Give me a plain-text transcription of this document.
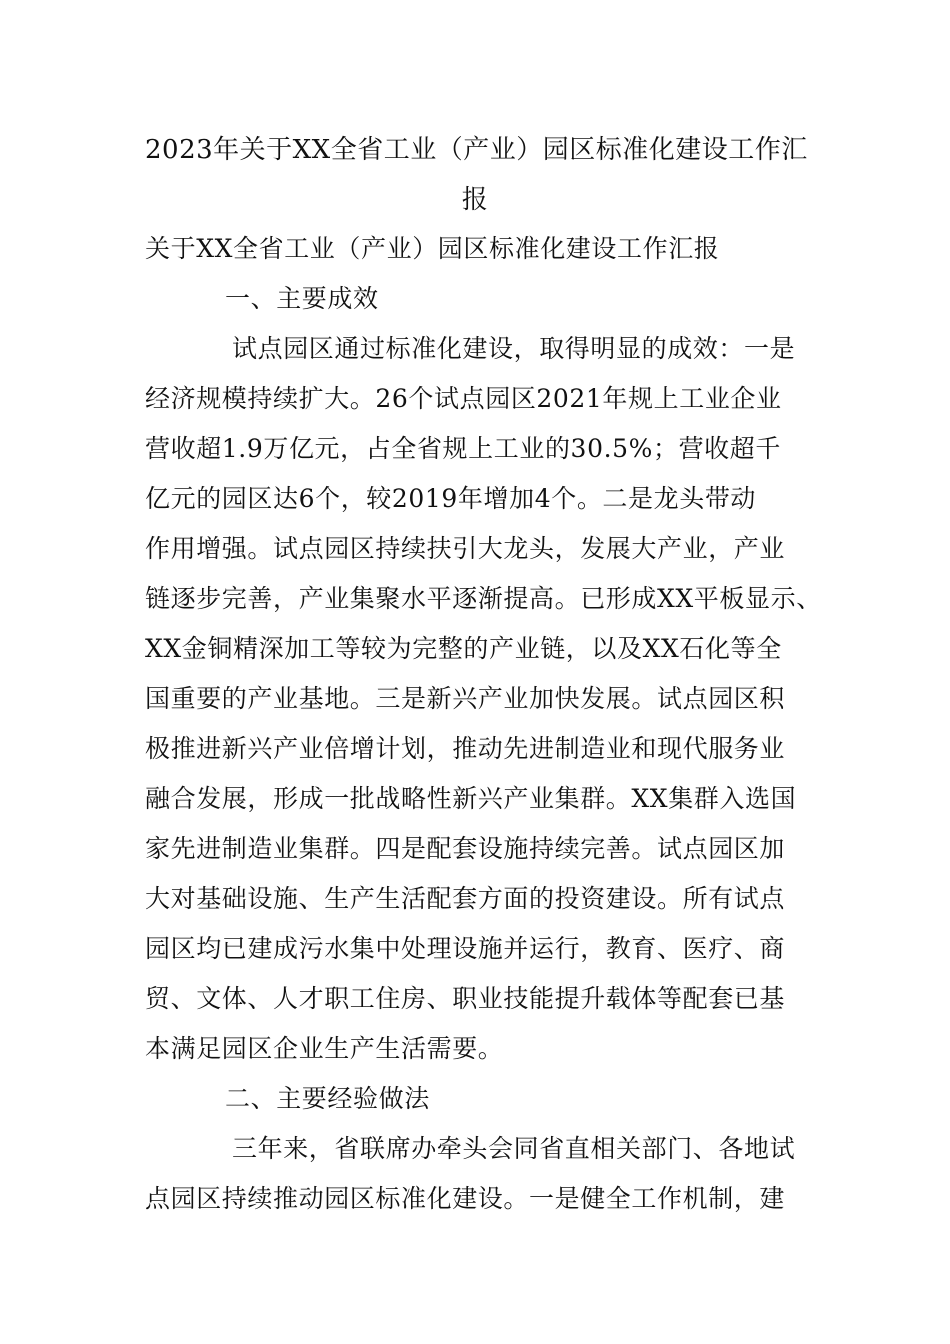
2023年关于XX全省工业（产业）园区标准化建设工作汇
报

关于XX全省工业（产业）园区标准化建设工作汇报

一、主要成效

试点园区通过标准化建设，取得明显的成效：一是

经济规模持续扩大。26个试点园区2021年规上工业企业

营收超1.9万亿元，占全省规上工业的30.5%；营收超千

亿元的园区达6个，较2019年增加4个。二是龙头带动

作用增强。试点园区持续扶引大龙头，发展大产业，产业

链逐步完善，产业集聚水平逐渐提高。已形成XX平板显示、

XX金铜精深加工等较为完整的产业链，以及XX石化等全

国重要的产业基地。三是新兴产业加快发展。试点园区积

极推进新兴产业倍增计划，推动先进制造业和现代服务业

融合发展，形成一批战略性新兴产业集群。XX集群入选国

家先进制造业集群。四是配套设施持续完善。试点园区加

大对基础设施、生产生活配套方面的投资建设。所有试点

园区均已建成污水集中处理设施并运行，教育、医疗、商

贸、文体、人才职工住房、职业技能提升载体等配套已基

本满足园区企业生产生活需要。

二、主要经验做法

三年来，省联席办牵头会同省直相关部门、各地试

点园区持续推动园区标准化建设。一是健全工作机制，建
